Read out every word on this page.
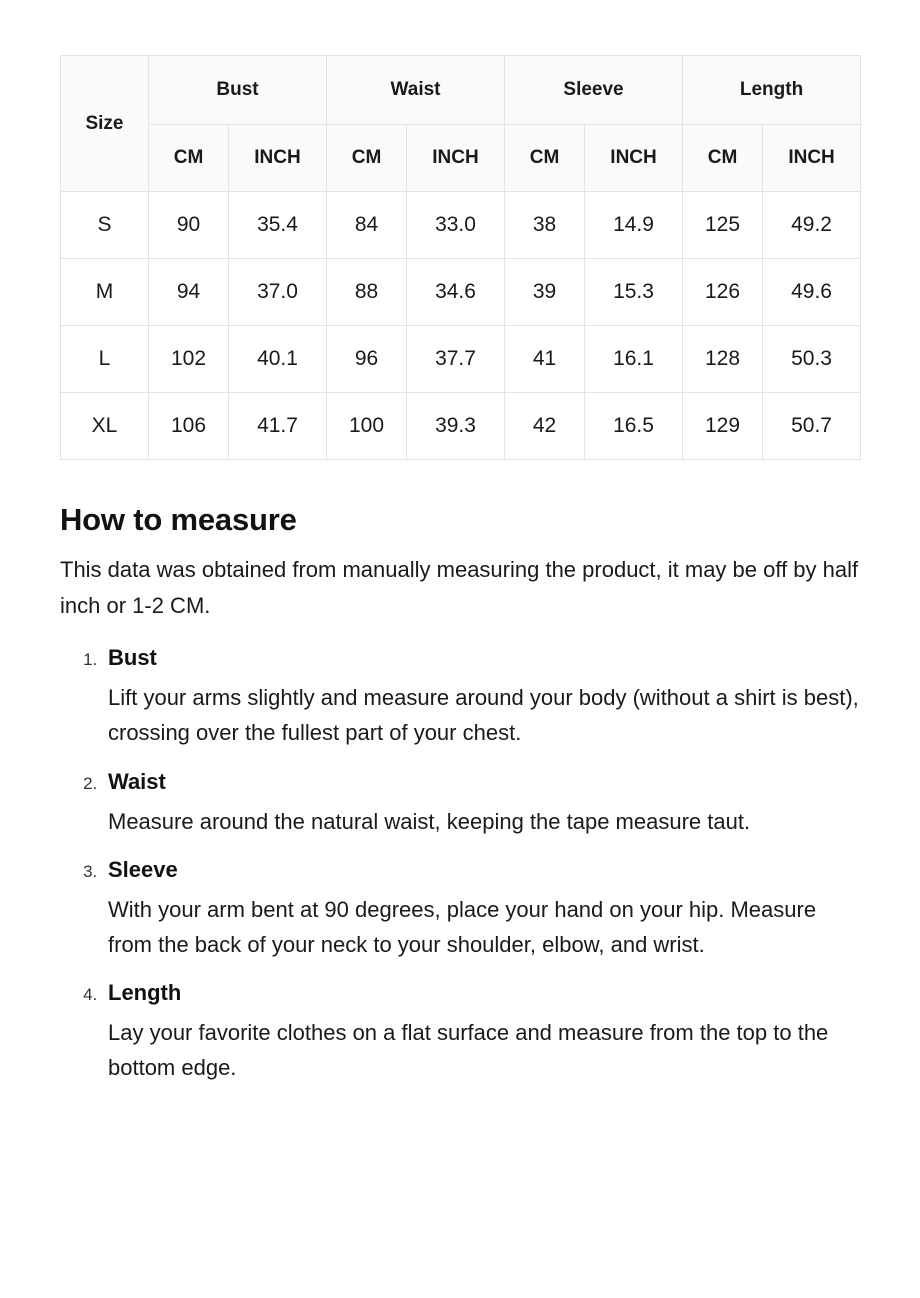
Size	Bust		Waist		Sleeve		Length	
	CM	INCH	CM	INCH	CM	INCH	CM	INCH
S	90	35.4	84	33.0	38	14.9	125	49.2
M	94	37.0	88	34.6	39	15.3	126	49.6
L	102	40.1	96	37.7	41	16.1	128	50.3
XL	106	41.7	100	39.3	42	16.5	129	50.7
How to measure

This data was obtained from manually measuring the product, it may be off by half inch or 1-2 CM.

1. Bust
Lift your arms slightly and measure around your body (without a shirt is best), crossing over the fullest part of your chest.
2. Waist
Measure around the natural waist, keeping the tape measure taut.
3. Sleeve
With your arm bent at 90 degrees, place your hand on your hip. Measure from the back of your neck to your shoulder, elbow, and wrist.
4. Length
Lay your favorite clothes on a flat surface and measure from the top to the bottom edge.
